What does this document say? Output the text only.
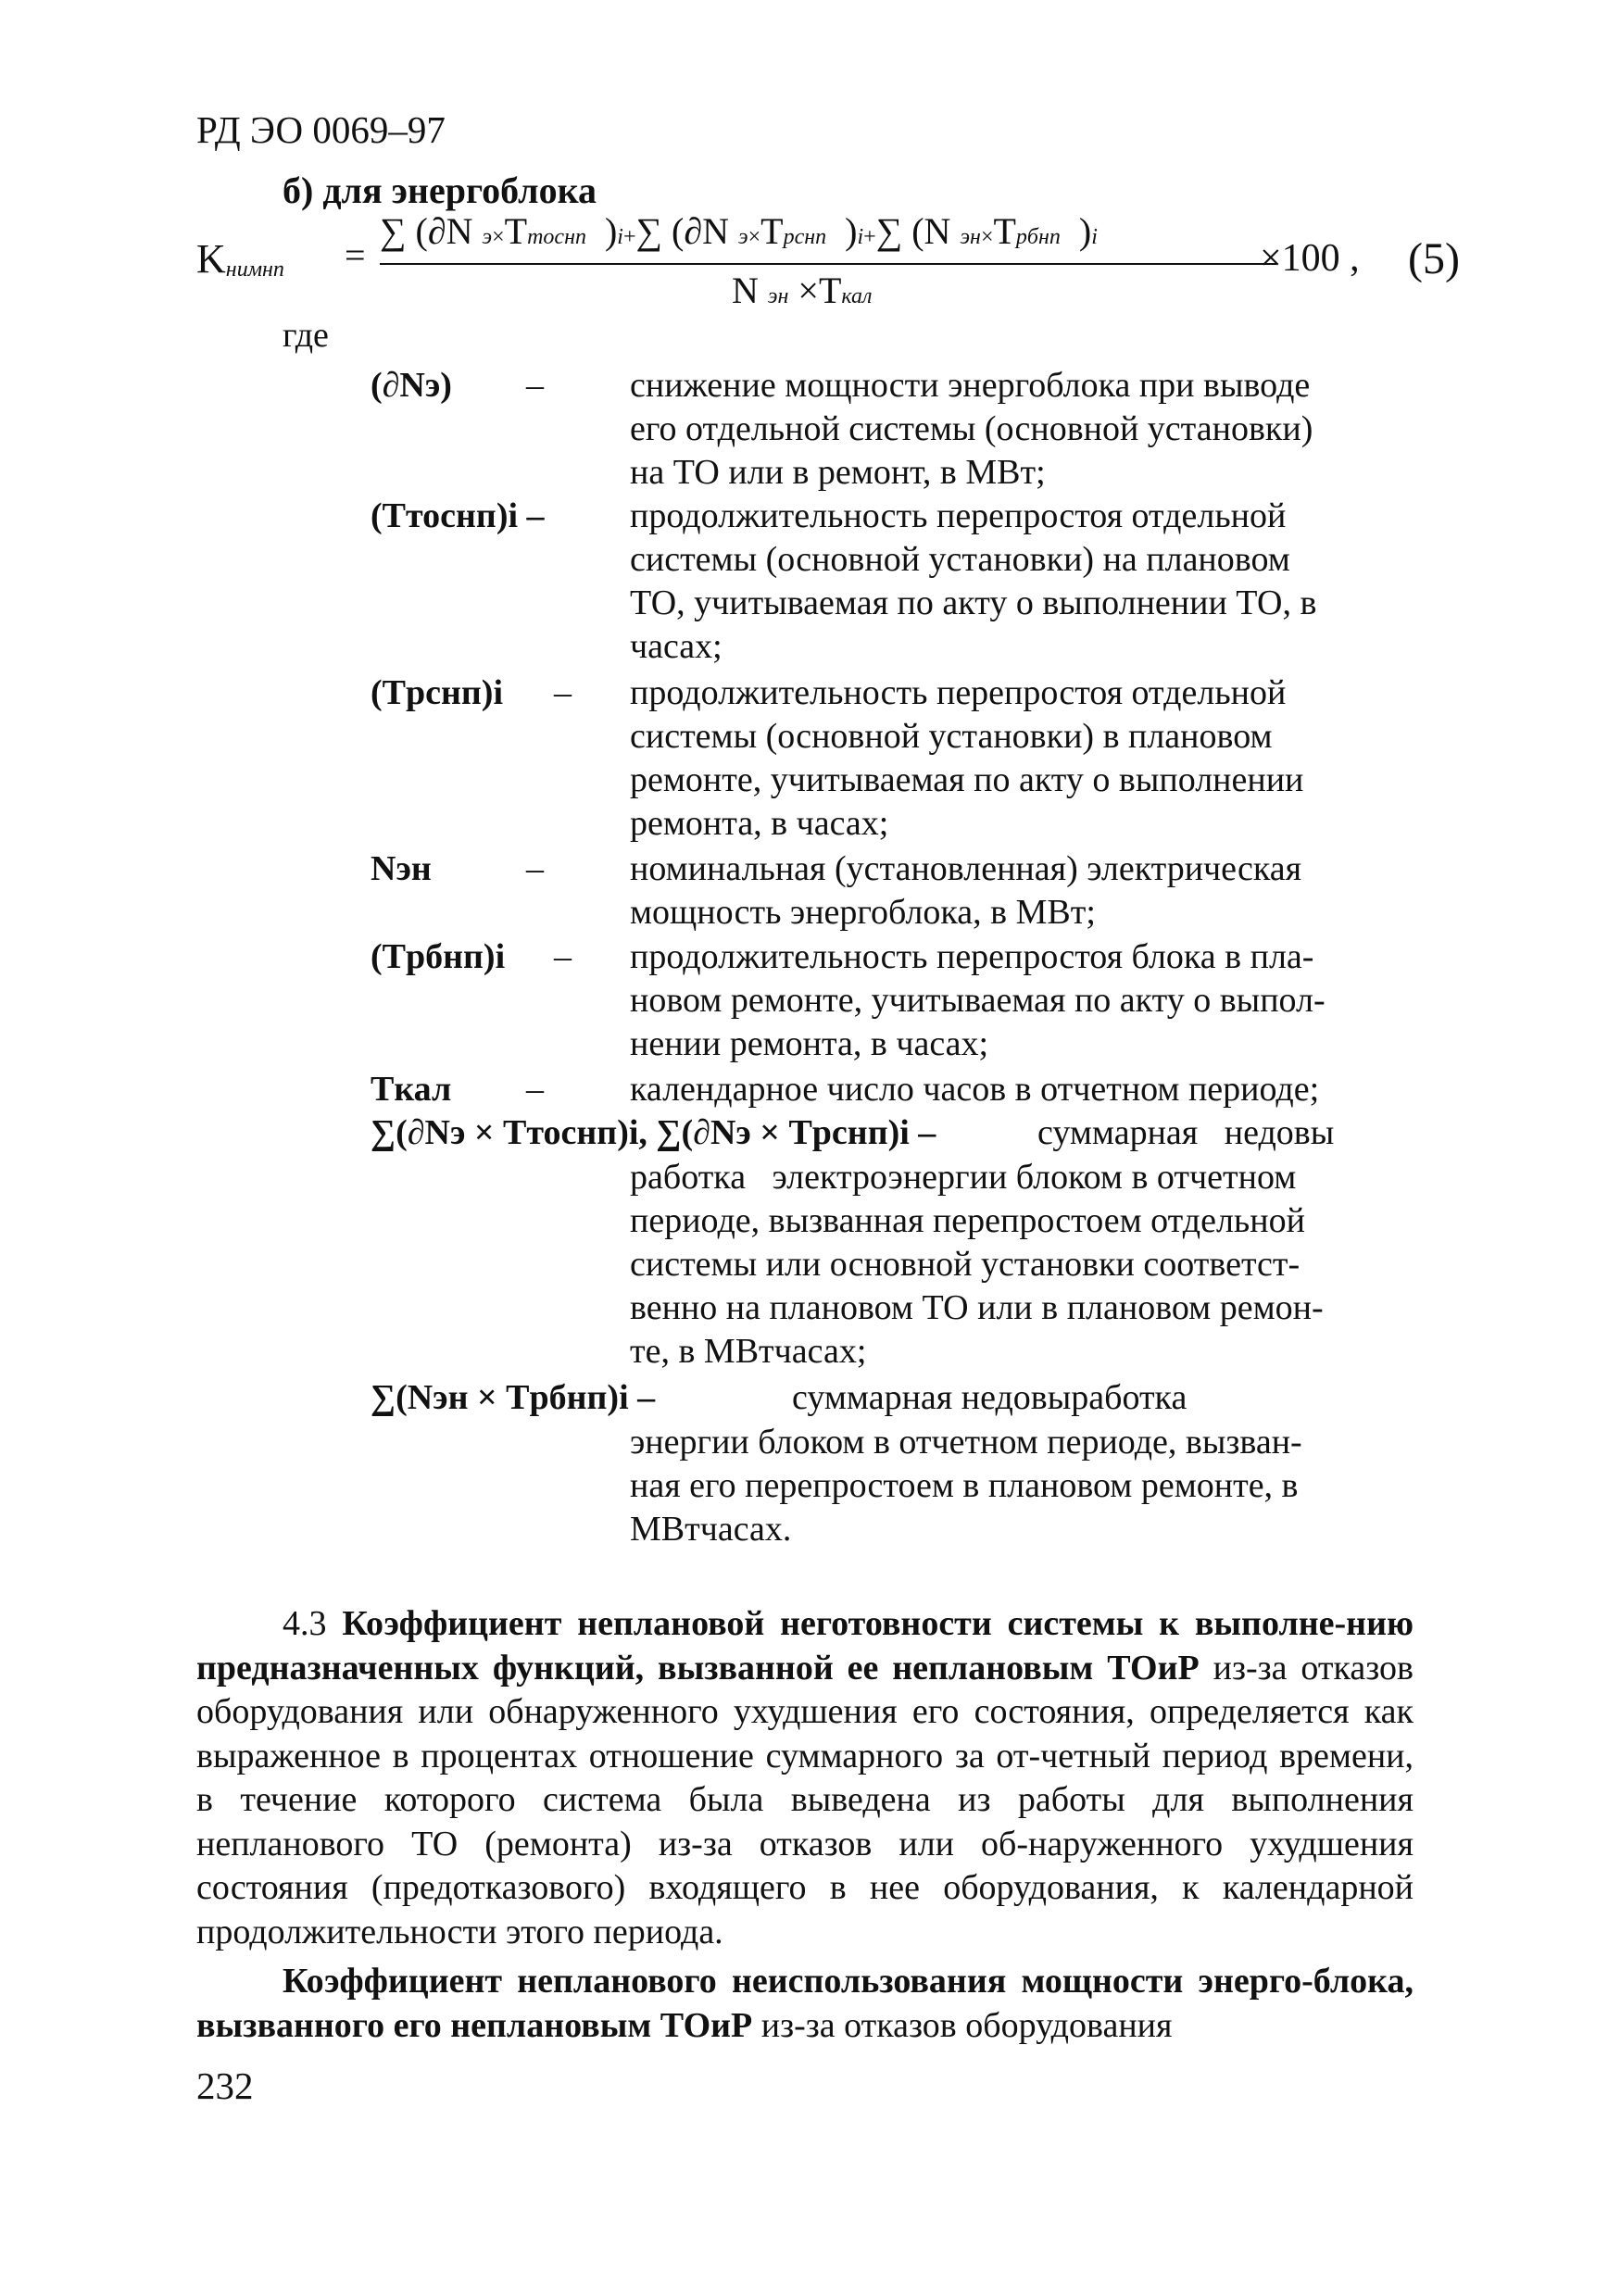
РД ЭО 0069–97
б) для энергоблока
$K_{нимнп}$ =
∑ (∂N э×Tтоснп )i+∑ (∂N э×Tрснп )i+∑ (N эн×Tрбнп )i
N эн ×Tкал
×100 , (5)
где
(∂Nэ) – снижение мощности энергоблока при выводе
его отдельной системы (основной установки)
на ТО или в ремонт, в МВт;
(Tтоснп)i – продолжительность перепростоя отдельной
системы (основной установки) на плановом
ТО, учитываемая по акту о выполнении ТО, в
часах;
(Tрснп)i – продолжительность перепростоя отдельной
системы (основной установки) в плановом
ремонте, учитываемая по акту о выполнении
ремонта, в часах;
Nэн	– номинальная (установленная) электрическая
мощность энергоблока, в МВт;
(Tрбнп)i – продолжительность перепростоя блока в пла-
новом ремонте, учитываемая по акту о выпол-
нении ремонта, в часах;
Tкал – календарное число часов в отчетном периоде;
∑(∂Nэ × Tтоснп)i, ∑(∂Nэ × Tрснп)i –	суммарная   недовы
работка   электроэнергии блоком в отчетном
периоде, вызванная перепростоем отдельной
системы или основной установки соответст-
венно на плановом ТО или в плановом ремон-
те, в МВтчасах;
∑(Nэн × Tрбнп)i –	суммарная недовыработка
энергии блоком в отчетном периоде, вызван-
ная его перепростоем в плановом ремонте, в
МВтчасах.
4.3 Коэффициент неплановой неготовности системы к выполне-нию предназначенных функций, вызванной ее неплановым ТОиР из-за отказов оборудования или обнаруженного ухудшения его состояния, определяется как выраженное в процентах отношение суммарного за от-четный период времени, в течение которого система была выведена из работы для выполнения непланового ТО (ремонта) из-за отказов или об-наруженного ухудшения состояния (предотказового) входящего в нее оборудования, к календарной продолжительности этого периода.
Коэффициент непланового неиспользования мощности энерго-блока, вызванного его неплановым ТОиР из-за отказов оборудования
232
